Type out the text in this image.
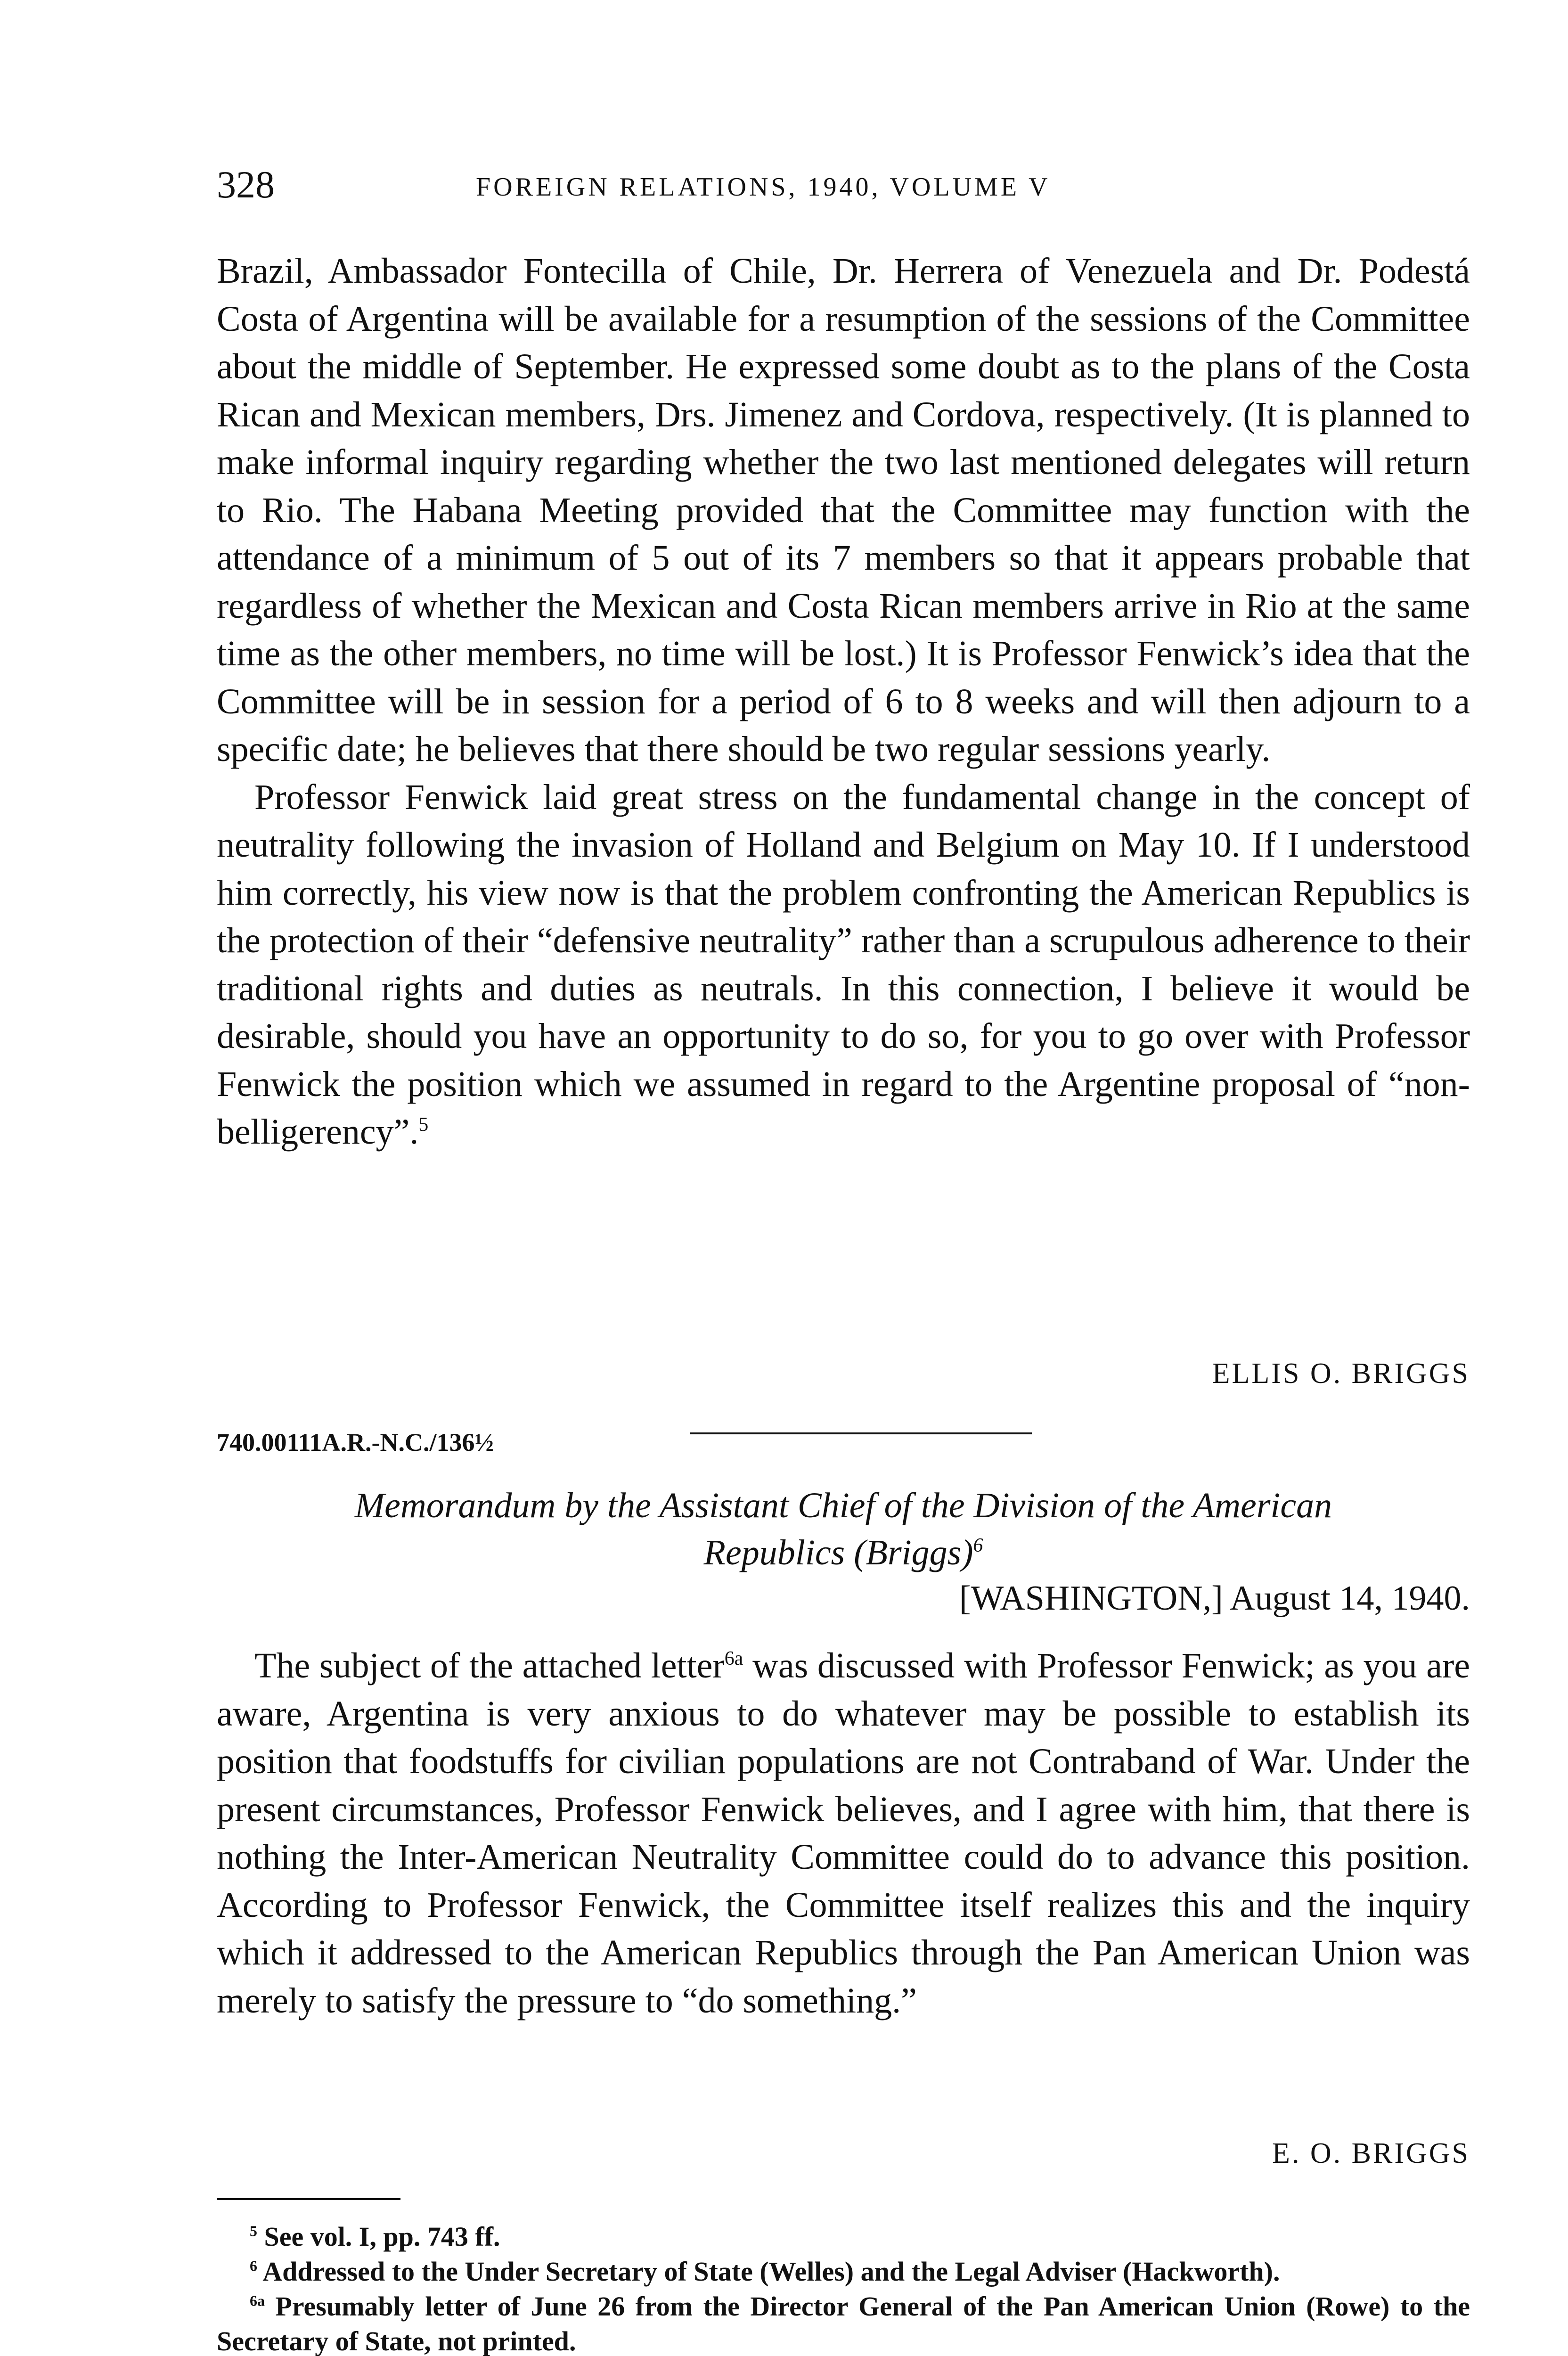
328	FOREIGN RELATIONS, 1940, VOLUME V

Brazil, Ambassador Fontecilla of Chile, Dr. Herrera of Venezuela and Dr. Podestá Costa of Argentina will be available for a resumption of the sessions of the Committee about the middle of September. He expressed some doubt as to the plans of the Costa Rican and Mexican members, Drs. Jimenez and Cordova, respectively. (It is planned to make informal inquiry regarding whether the two last mentioned delegates will return to Rio. The Habana Meeting provided that the Committee may function with the attendance of a minimum of 5 out of its 7 members so that it appears probable that regardless of whether the Mexican and Costa Rican members arrive in Rio at the same time as the other members, no time will be lost.) It is Professor Fenwick’s idea that the Committee will be in session for a period of 6 to 8 weeks and will then adjourn to a specific date; he believes that there should be two regular sessions yearly.

Professor Fenwick laid great stress on the fundamental change in the concept of neutrality following the invasion of Holland and Belgium on May 10. If I understood him correctly, his view now is that the problem confronting the American Republics is the protection of their “defensive neutrality” rather than a scrupulous adherence to their traditional rights and duties as neutrals. In this connection, I believe it would be desirable, should you have an opportunity to do so, for you to go over with Professor Fenwick the position which we assumed in regard to the Argentine proposal of “non-belligerency”.$^5$

ELLIS O. BRIGGS
740.00111A.R.-N.C./136½
Memorandum by the Assistant Chief of the Division of the American
Republics (Briggs)$^6$
[WASHINGTON,] August 14, 1940.

The subject of the attached letter$^{6a}$ was discussed with Professor Fenwick; as you are aware, Argentina is very anxious to do whatever may be possible to establish its position that foodstuffs for civilian populations are not Contraband of War. Under the present circumstances, Professor Fenwick believes, and I agree with him, that there is nothing the Inter-American Neutrality Committee could do to advance this position. According to Professor Fenwick, the Committee itself realizes this and the inquiry which it addressed to the American Republics through the Pan American Union was merely to satisfy the pressure to “do something.”

E. O. BRIGGS

$^5$ See vol. I, pp. 743 ff.

$^6$ Addressed to the Under Secretary of State (Welles) and the Legal Adviser (Hackworth).

$^{6a}$ Presumably letter of June 26 from the Director General of the Pan American Union (Rowe) to the Secretary of State, not printed.
